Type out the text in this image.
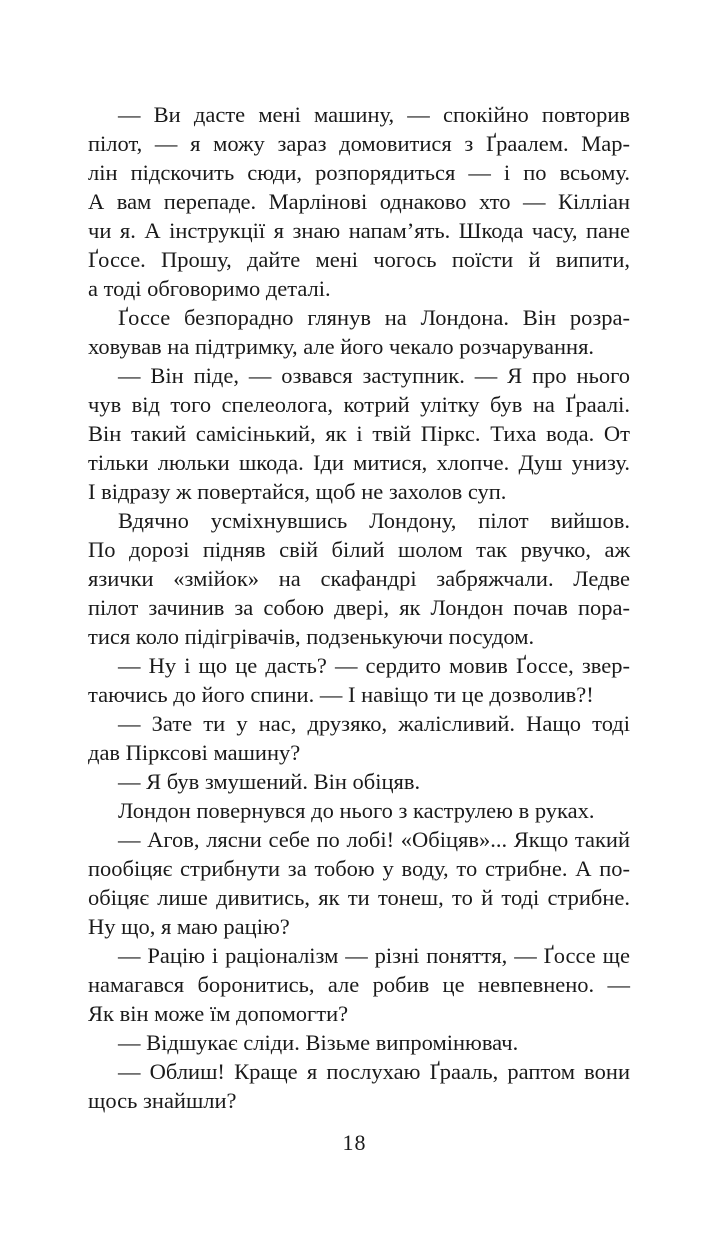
— Ви дасте мені машину, — спокійно повторив
пілот, — я можу зараз домовитися з Ґраалем. Мар-
лін підскочить сюди, розпорядиться — і по всьому.
А вам перепаде. Марлінові однаково хто — Кілліан
чи я. А інструкції я знаю напам’ять. Шкода часу, пане
Ґоссе. Прошу, дайте мені чогось поїсти й випити,
а тоді обговоримо деталі.
Ґоссе безпорадно глянув на Лондона. Він розра-
ховував на підтримку, але його чекало розчарування.
— Він піде, — озвався заступник. — Я про нього
чув від того спелеолога, котрий улітку був на Ґраалі.
Він такий самісінький, як і твій Піркс. Тиха вода. От
тільки люльки шкода. Іди митися, хлопче. Душ унизу.
І відразу ж повертайся, щоб не захолов суп.
Вдячно усміхнувшись Лондону, пілот вийшов.
По дорозі підняв свій білий шолом так рвучко, аж
язички «змійок» на скафандрі забряжчали. Ледве
пілот зачинив за собою двері, як Лондон почав пора-
тися коло підігрівачів, подзенькуючи посудом.
— Ну і що це дасть? — сердито мовив Ґоссе, звер-
таючись до його спини. — І навіщо ти це дозволив?!
— Зате ти у нас, друзяко, жалісливий. Нащо тоді
дав Пірксові машину?
— Я був змушений. Він обіцяв.
Лондон повернувся до нього з каструлею в руках.
— Агов, лясни себе по лобі! «Обіцяв»... Якщо такий
пообіцяє стрибнути за тобою у воду, то стрибне. А по-
обіцяє лише дивитись, як ти тонеш, то й тоді стрибне.
Ну що, я маю рацію?
— Рацію і раціоналізм — різні поняття, — Ґоссе ще
намагався боронитись, але робив це невпевнено. —
Як він може їм допомогти?
— Відшукає сліди. Візьме випромінювач.
— Облиш! Краще я послухаю Ґрааль, раптом вони
щось знайшли?
18
